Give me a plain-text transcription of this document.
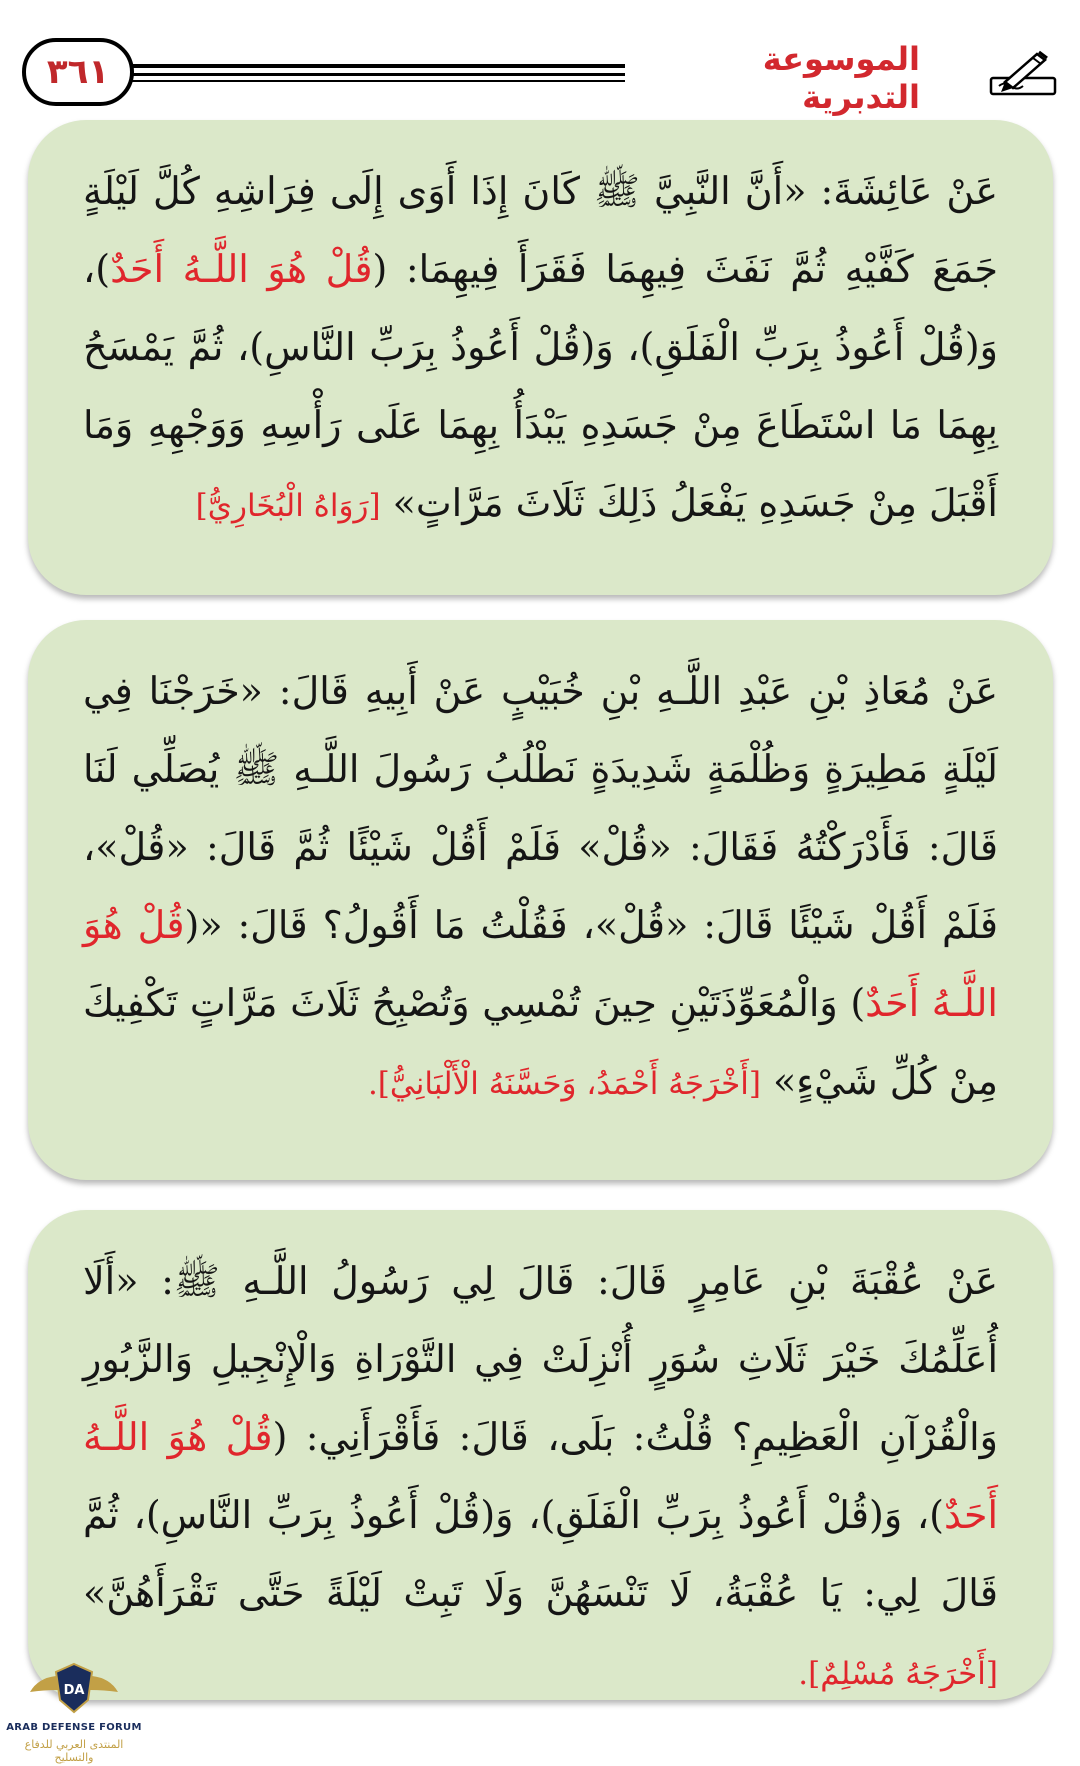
٣٦١	الموسوعة التدبرية
عَنْ عَائِشَةَ: «أَنَّ النَّبِيَّ ﷺ كَانَ إِذَا أَوَى إِلَى فِرَاشِهِ كُلَّ لَيْلَةٍ جَمَعَ كَفَّيْهِ ثُمَّ نَفَثَ فِيهِمَا فَقَرَأَ فِيهِمَا: (قُلْ هُوَ اللَّـهُ أَحَدٌ)، وَ(قُلْ أَعُوذُ بِرَبِّ الْفَلَقِ)، وَ(قُلْ أَعُوذُ بِرَبِّ النَّاسِ)، ثُمَّ يَمْسَحُ بِهِمَا مَا اسْتَطَاعَ مِنْ جَسَدِهِ يَبْدَأُ بِهِمَا عَلَى رَأْسِهِ وَوَجْهِهِ وَمَا أَقْبَلَ مِنْ جَسَدِهِ يَفْعَلُ ذَلِكَ ثَلَاثَ مَرَّاتٍ» [رَوَاهُ الْبُخَارِيُّ]
عَنْ مُعَاذِ بْنِ عَبْدِ اللَّـهِ بْنِ خُبَيْبٍ عَنْ أَبِيهِ قَالَ: «خَرَجْنَا فِي لَيْلَةٍ مَطِيرَةٍ وَظُلْمَةٍ شَدِيدَةٍ نَطْلُبُ رَسُولَ اللَّـهِ ﷺ يُصَلِّي لَنَا قَالَ: فَأَدْرَكْتُهُ فَقَالَ: «قُلْ» فَلَمْ أَقُلْ شَيْئًا ثُمَّ قَالَ: «قُلْ»، فَلَمْ أَقُلْ شَيْئًا قَالَ: «قُلْ»، فَقُلْتُ مَا أَقُولُ؟ قَالَ: «(قُلْ هُوَ اللَّـهُ أَحَدٌ) وَالْمُعَوِّذَتَيْنِ حِينَ تُمْسِي وَتُصْبِحُ ثَلَاثَ مَرَّاتٍ تَكْفِيكَ مِنْ كُلِّ شَيْءٍ» [أَخْرَجَهُ أَحْمَدُ، وَحَسَّنَهُ الْأَلْبَانِيُّ].
عَنْ عُقْبَةَ بْنِ عَامِرٍ قَالَ: قَالَ لِي رَسُولُ اللَّـهِ ﷺ: «أَلَا أُعَلِّمُكَ خَيْرَ ثَلَاثِ سُوَرٍ أُنْزِلَتْ فِي التَّوْرَاةِ وَالْإِنْجِيلِ وَالزَّبُورِ وَالْقُرْآنِ الْعَظِيمِ؟ قُلْتُ: بَلَى، قَالَ: فَأَقْرَأَنِي: (قُلْ هُوَ اللَّـهُ أَحَدٌ)، وَ(قُلْ أَعُوذُ بِرَبِّ الْفَلَقِ)، وَ(قُلْ أَعُوذُ بِرَبِّ النَّاسِ)، ثُمَّ قَالَ لِي: يَا عُقْبَةُ، لَا تَنْسَهُنَّ وَلَا تَبِتْ لَيْلَةً حَتَّى تَقْرَأَهُنَّ» [أَخْرَجَهُ مُسْلِمٌ].
DA
ARAB DEFENSE FORUM
المنتدى العربي للدفاع والتسليح
